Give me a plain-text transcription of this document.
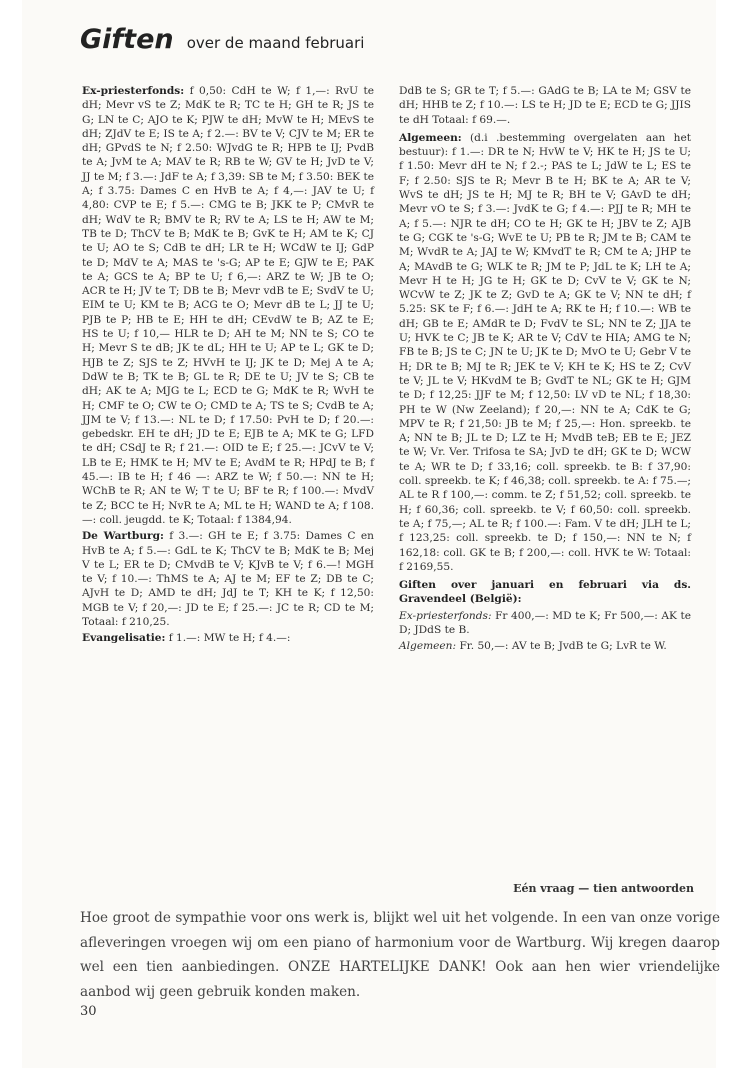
Giften over de maand februari

Ex-priesterfonds: f 0,50: CdH te W; f 1,—: RvU te dH; Mevr vS te Z; MdK te R; TC te H; GH te R; JS te G; LN te C; AJO te K; PJW te dH; MvW te H; MEvS te dH; ZJdV te E; IS te A; f 2.—: BV te V; CJV te M; ER te dH; GPvdS te N; f 2.50: WJvdG te R; HPB te IJ; PvdB te A; JvM te A; MAV te R; RB te W; GV te H; JvD te V; JJ te M; f 3.—: JdF te A; f 3,39: SB te M; f 3.50: BEK te A; f 3.75: Dames C en HvB te A; f 4,—: JAV te U; f 4,80: CVP te E; f 5.—: CMG te B; JKK te P; CMvR te dH; WdV te R; BMV te R; RV te A; LS te H; AW te M; TB te D; ThCV te B; MdK te B; GvK te H; AM te K; CJ te U; AO te S; CdB te dH; LR te H; WCdW te IJ; GdP te D; MdV te A; MAS te 's-G; AP te E; GJW te E; PAK te A; GCS te A; BP te U; f 6,—: ARZ te W; JB te O; ACR te H; JV te T; DB te B; Mevr vdB te E; SvdV te U; EIM te U; KM te B; ACG te O; Mevr dB te L; JJ te U; PJB te P; HB te E; HH te dH; CEvdW te B; AZ te E; HS te U; f 10,— HLR te D; AH te M; NN te S; CO te H; Mevr S te dB; JK te dL; HH te U; AP te L; GK te D; HJB te Z; SJS te Z; HVvH te IJ; JK te D; Mej A te A; DdW te B; TK te B; GL te R; DE te U; JV te S; CB te dH; AK te A; MJG te L; ECD te G; MdK te R; WvH te H; CMF te O; CW te O; CMD te A; TS te S; CvdB te A; JJM te V; f 13.—: NL te D; f 17.50: PvH te D; f 20.—: gebedskr. EH te dH; JD te E; EJB te A; MK te G; LFD te dH; CSdJ te R; f 21.—: OID te E; f 25.—: JCvV te V; LB te E; HMK te H; MV te E; AvdM te R; HPdJ te B; f 45.—: IB te H; f 46 —: ARZ te W; f 50.—: NN te H; WChB te R; AN te W; T te U; BF te R; f 100.—: MvdV te Z; BCC te H; NvR te A; ML te H; WAND te A; f 108.—: coll. jeugdd. te K; Totaal: f 1384,94.

De Wartburg: f 3.—: GH te E; f 3.75: Dames C en HvB te A; f 5.—: GdL te K; ThCV te B; MdK te B; Mej V te L; ER te D; CMvdB te V; KJvB te V; f 6.—! MGH te V; f 10.—: ThMS te A; AJ te M; EF te Z; DB te C; AJvH te D; AMD te dH; JdJ te T; KH te K; f 12,50: MGB te V; f 20,—: JD te E; f 25.—: JC te R; CD te M; Totaal: f 210,25.

Evangelisatie: f 1.—: MW te H; f 4.—:

DdB te S; GR te T; f 5.—: GAdG te B; LA te M; GSV te dH; HHB te Z; f 10.—: LS te H; JD te E; ECD te G; JJIS te dH Totaal: f 69.—.

Algemeen: (d.i .bestemming overgelaten aan het bestuur): f 1.—: DR te N; HvW te V; HK te H; JS te U; f 1.50: Mevr dH te N; f 2.-; PAS te L; JdW te L; ES te F; f 2.50: SJS te R; Mevr B te H; BK te A; AR te V; WvS te dH; JS te H; MJ te R; BH te V; GAvD te dH; Mevr vO te S; f 3.—: JvdK te G; f 4.—: PJJ te R; MH te A; f 5.—: NJR te dH; CO te H; GK te H; JBV te Z; AJB te G; CGK te 's-G; WvE te U; PB te R; JM te B; CAM te M; WvdR te A; JAJ te W; KMvdT te R; CM te A; JHP te A; MAvdB te G; WLK te R; JM te P; JdL te K; LH te A; Mevr H te H; JG te H; GK te D; CvV te V; GK te N; WCvW te Z; JK te Z; GvD te A; GK te V; NN te dH; f 5.25: SK te F; f 6.—: JdH te A; RK te H; f 10.—: WB te dH; GB te E; AMdR te D; FvdV te SL; NN te Z; JJA te U; HVK te C; JB te K; AR te V; CdV te HIA; AMG te N; FB te B; JS te C; JN te U; JK te D; MvO te U; Gebr V te H; DR te B; MJ te R; JEK te V; KH te K; HS te Z; CvV te V; JL te V; HKvdM te B; GvdT te NL; GK te H; GJM te D; f 12,25: JJF te M; f 12,50: LV vD te NL; f 18,30: PH te W (Nw Zeeland); f 20,—: NN te A; CdK te G; MPV te R; f 21,50: JB te M; f 25,—: Hon. spreekb. te A; NN te B; JL te D; LZ te H; MvdB teB; EB te E; JEZ te W; Vr. Ver. Trifosa te SA; JvD te dH; GK te D; WCW te A; WR te D; f 33,16; coll. spreekb. te B: f 37,90: coll. spreekb. te K; f 46,38; coll. spreekb. te A: f 75.—; AL te R f 100,—: comm. te Z; f 51,52; coll. spreekb. te H; f 60,36; coll. spreekb. te V; f 60,50: coll. spreekb. te A; f 75,—; AL te R; f 100.—: Fam. V te dH; JLH te L; f 123,25: coll. spreekb. te D; f 150,—: NN te N; f 162,18: coll. GK te B; f 200,—: coll. HVK te W: Totaal: f 2169,55.

Giften over januari en februari via ds. Gravendeel (België):

Ex-priesterfonds: Fr 400,—: MD te K; Fr 500,—: AK te D; JDdS te B.

Algemeen: Fr. 50,—: AV te B; JvdB te G; LvR te W.

Eén vraag — tien antwoorden
Hoe groot de sympathie voor ons werk is, blijkt wel uit het volgende. In een van onze vorige afleveringen vroegen wij om een piano of harmonium voor de Wartburg. Wij kregen daarop wel een tien aanbiedingen. ONZE HARTELIJKE DANK! Ook aan hen wier vriendelijke aanbod wij geen gebruik konden maken.
30
